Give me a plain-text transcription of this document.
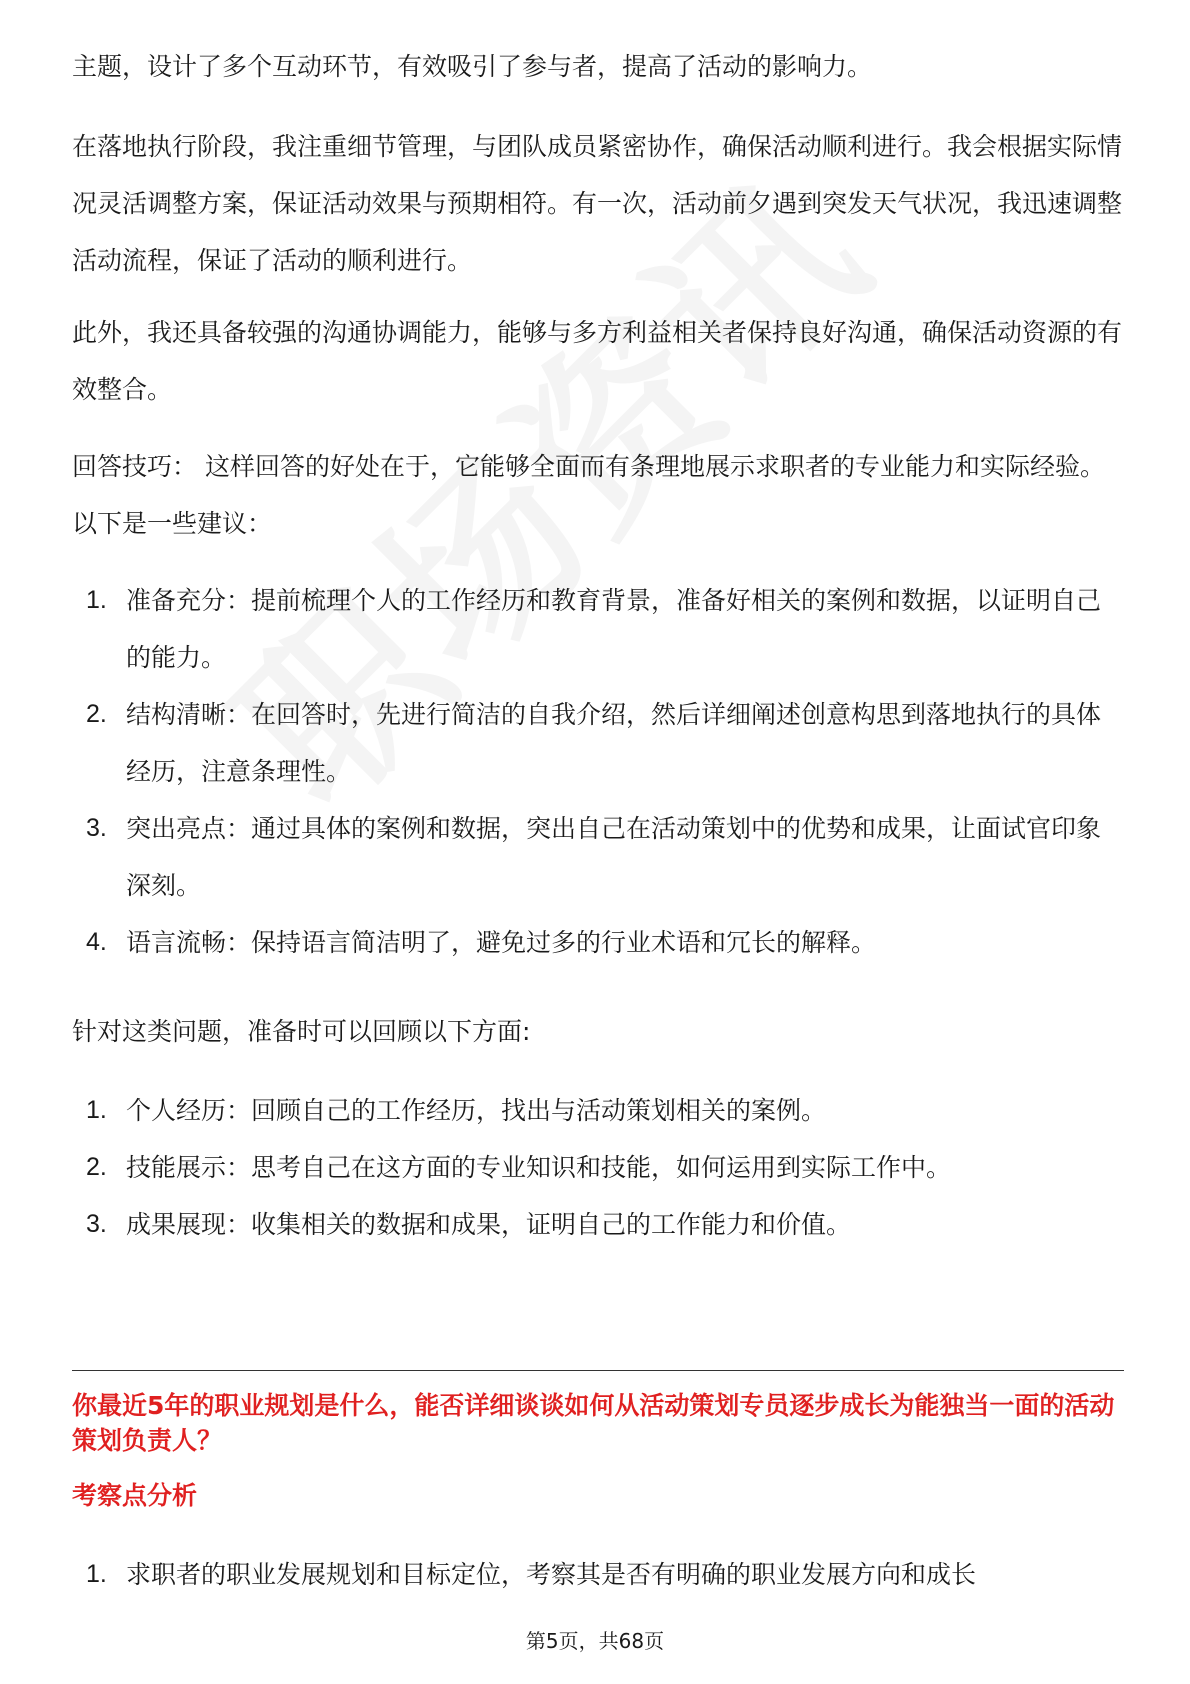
主题，设计了多个互动环节，有效吸引了参与者，提高了活动的影响力。

在落地执行阶段，我注重细节管理，与团队成员紧密协作，确保活动顺利进行。我会根据实际情况灵活调整方案，保证活动效果与预期相符。有一次，活动前夕遇到突发天气状况，我迅速调整活动流程，保证了活动的顺利进行。

此外，我还具备较强的沟通协调能力，能够与多方利益相关者保持良好沟通，确保活动资源的有效整合。

回答技巧： 这样回答的好处在于，它能够全面而有条理地展示求职者的专业能力和实际经验。以下是一些建议：

1. 准备充分：提前梳理个人的工作经历和教育背景，准备好相关的案例和数据，以证明自己的能力。
2. 结构清晰：在回答时，先进行简洁的自我介绍，然后详细阐述创意构思到落地执行的具体经历，注意条理性。
3. 突出亮点：通过具体的案例和数据，突出自己在活动策划中的优势和成果，让面试官印象深刻。
4. 语言流畅：保持语言简洁明了，避免过多的行业术语和冗长的解释。

针对这类问题，准备时可以回顾以下方面:

1. 个人经历：回顾自己的工作经历，找出与活动策划相关的案例。
2. 技能展示：思考自己在这方面的专业知识和技能，如何运用到实际工作中。
3. 成果展现：收集相关的数据和成果，证明自己的工作能力和价值。
你最近5年的职业规划是什么，能否详细谈谈如何从活动策划专员逐步成长为能独当一面的活动策划负责人？
考察点分析
1. 求职者的职业发展规划和目标定位，考察其是否有明确的职业发展方向和成长
第5页，共68页
